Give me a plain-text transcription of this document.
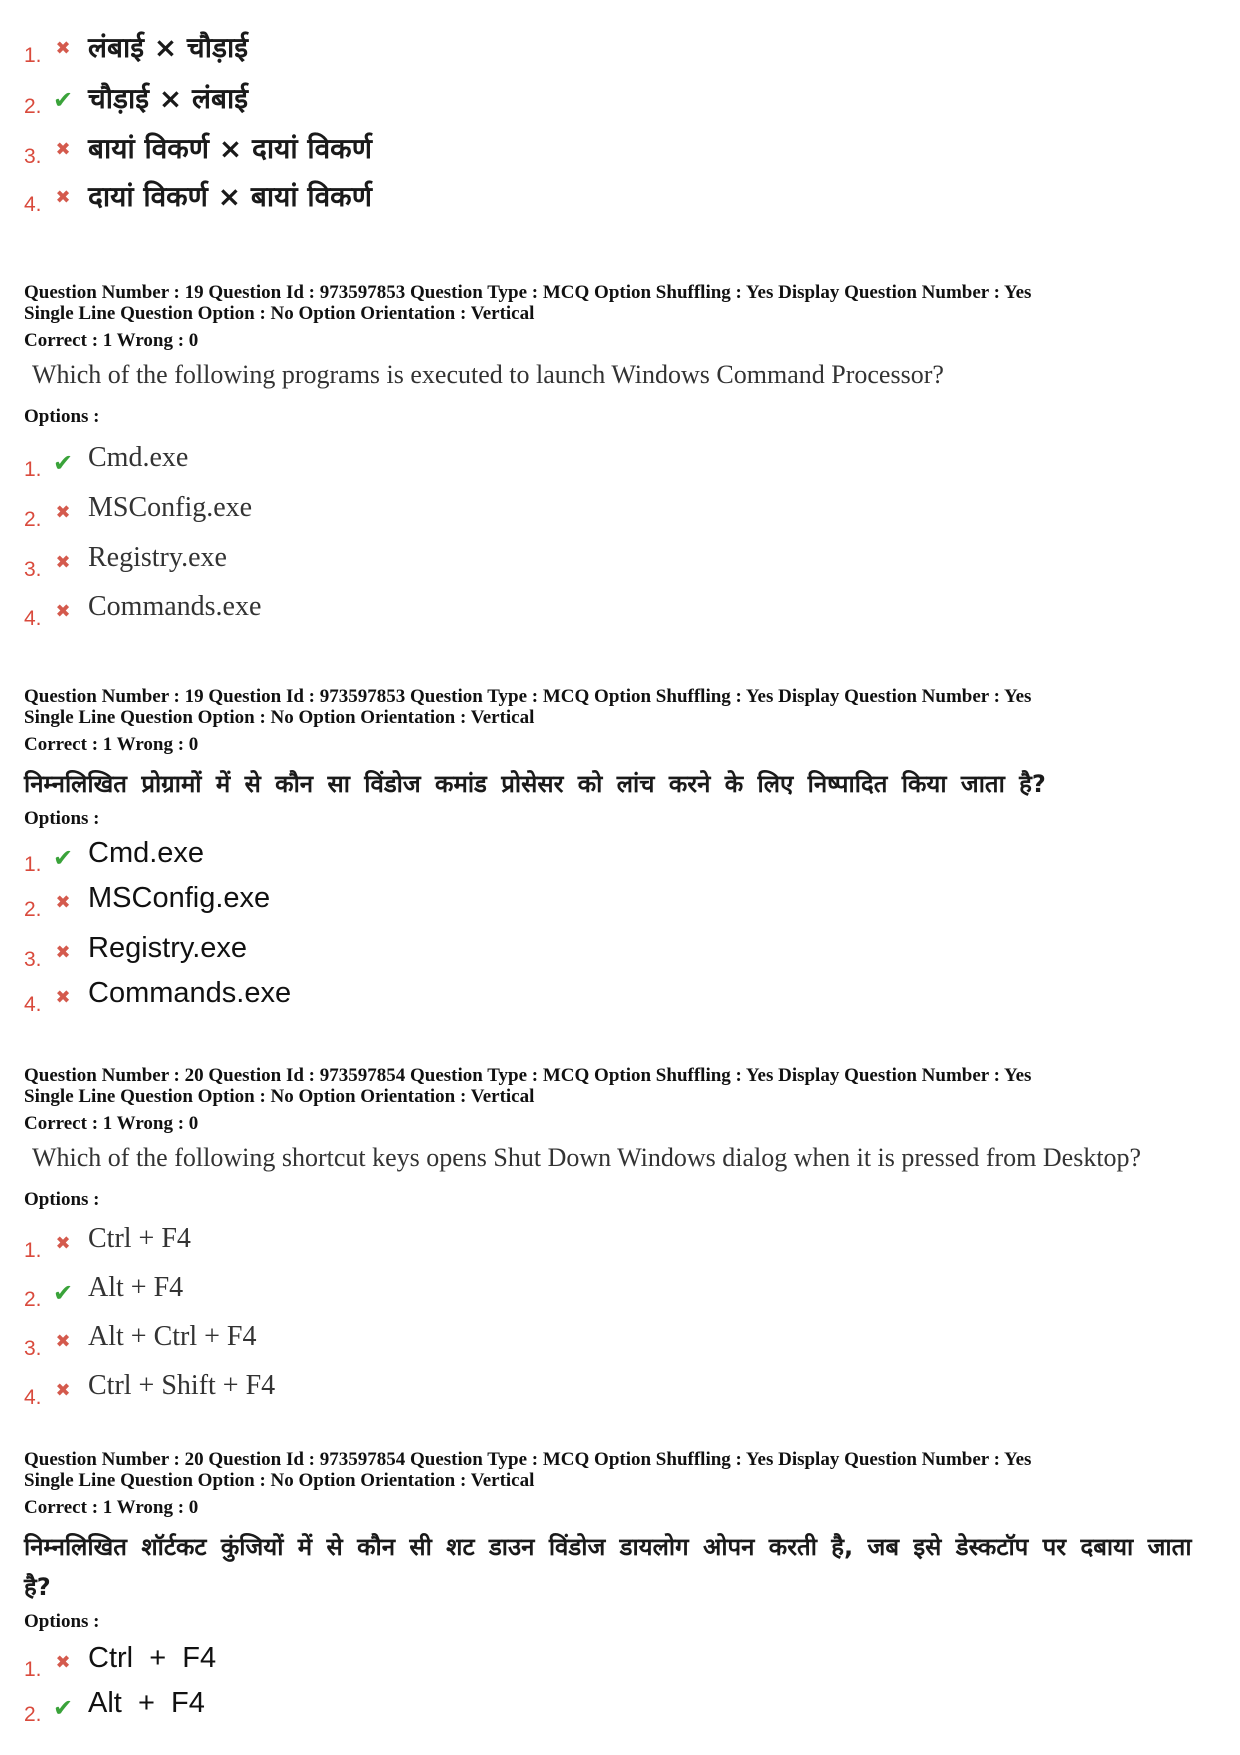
1. ✖ लंबाई × चौड़ाई
2. ✔ चौड़ाई × लंबाई
3. ✖ बायां विकर्ण × दायां विकर्ण
4. ✖ दायां विकर्ण × बायां विकर्ण
Question Number : 19 Question Id : 973597853 Question Type : MCQ Option Shuffling : Yes Display Question Number : Yes
Single Line Question Option : No Option Orientation : Vertical
Correct : 1 Wrong : 0
Which of the following programs is executed to launch Windows Command Processor?
Options :
1. ✔ Cmd.exe
2. ✖ MSConfig.exe
3. ✖ Registry.exe
4. ✖ Commands.exe
Question Number : 19 Question Id : 973597853 Question Type : MCQ Option Shuffling : Yes Display Question Number : Yes
Single Line Question Option : No Option Orientation : Vertical
Correct : 1 Wrong : 0
निम्नलिखित प्रोग्रामों में से कौन सा विंडोज कमांड प्रोसेसर को लांच करने के लिए निष्पादित किया जाता है?
Options :
1. ✔ Cmd.exe
2. ✖ MSConfig.exe
3. ✖ Registry.exe
4. ✖ Commands.exe
Question Number : 20 Question Id : 973597854 Question Type : MCQ Option Shuffling : Yes Display Question Number : Yes
Single Line Question Option : No Option Orientation : Vertical
Correct : 1 Wrong : 0
Which of the following shortcut keys opens Shut Down Windows dialog when it is pressed from Desktop?
Options :
1. ✖ Ctrl + F4
2. ✔ Alt + F4
3. ✖ Alt + Ctrl + F4
4. ✖ Ctrl + Shift + F4
Question Number : 20 Question Id : 973597854 Question Type : MCQ Option Shuffling : Yes Display Question Number : Yes
Single Line Question Option : No Option Orientation : Vertical
Correct : 1 Wrong : 0
निम्नलिखित शॉर्टकट कुंजियों में से कौन सी शट डाउन विंडोज डायलोग ओपन करती है, जब इसे डेस्कटॉप पर दबाया जाता है?
Options :
1. ✖ Ctrl  +  F4
2. ✔ Alt  +  F4
